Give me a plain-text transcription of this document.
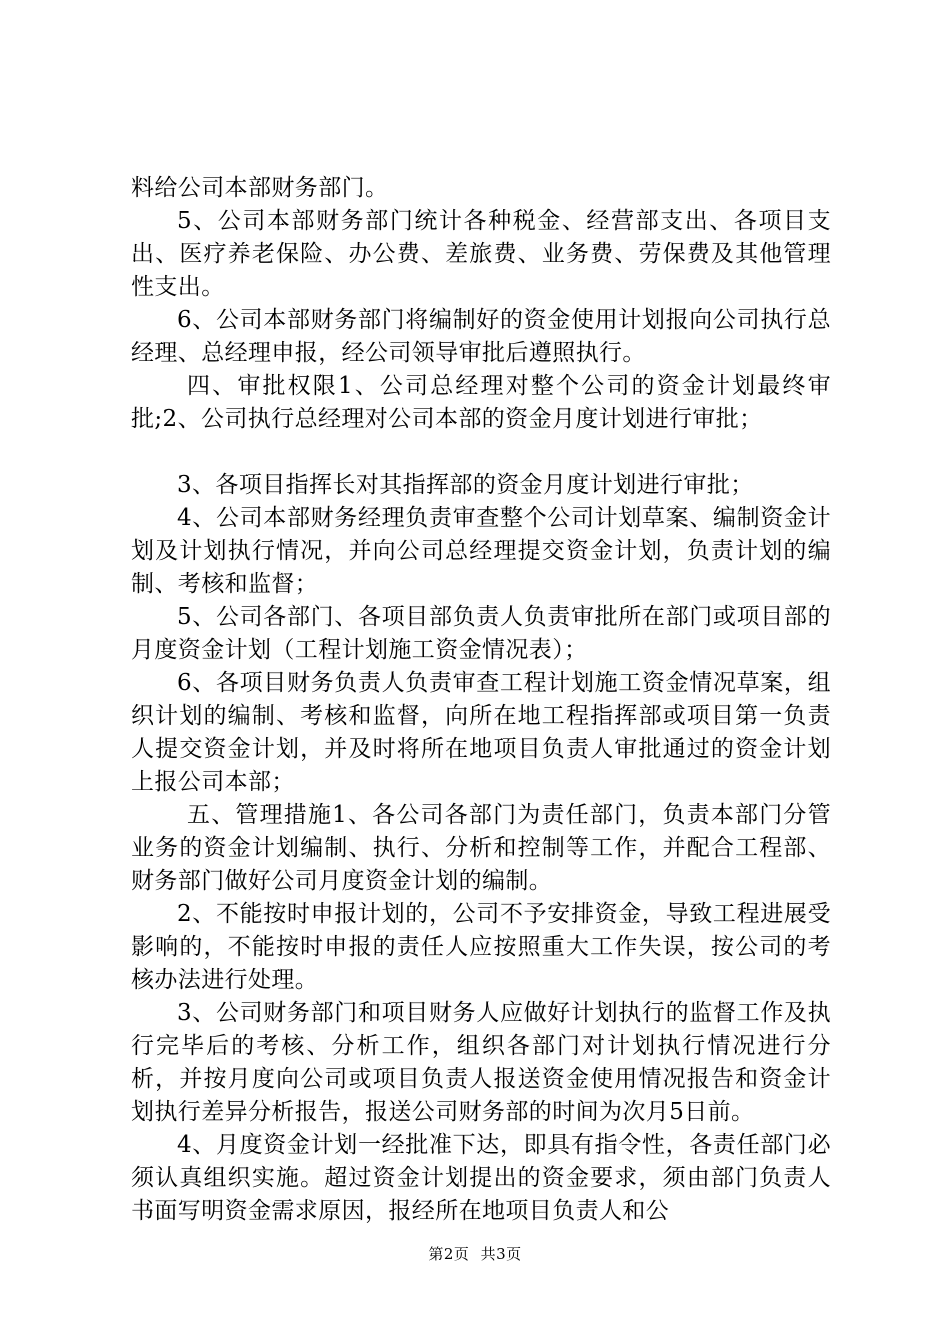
料给公司本部财务部门。

5、公司本部财务部门统计各种税金、经营部支出、各项目支出、医疗养老保险、办公费、差旅费、业务费、劳保费及其他管理性支出。

6、公司本部财务部门将编制好的资金使用计划报向公司执行总经理、总经理申报，经公司领导审批后遵照执行。

四、审批权限1、公司总经理对整个公司的资金计划最终审批;2、公司执行总经理对公司本部的资金月度计划进行审批；

3、各项目指挥长对其指挥部的资金月度计划进行审批；

4、公司本部财务经理负责审查整个公司计划草案、编制资金计划及计划执行情况，并向公司总经理提交资金计划，负责计划的编制、考核和监督；

5、公司各部门、各项目部负责人负责审批所在部门或项目部的月度资金计划（工程计划施工资金情况表）；

6、各项目财务负责人负责审查工程计划施工资金情况草案，组织计划的编制、考核和监督，向所在地工程指挥部或项目第一负责人提交资金计划，并及时将所在地项目负责人审批通过的资金计划上报公司本部；

五、管理措施1、各公司各部门为责任部门，负责本部门分管业务的资金计划编制、执行、分析和控制等工作，并配合工程部、财务部门做好公司月度资金计划的编制。

2、不能按时申报计划的，公司不予安排资金，导致工程进展受影响的，不能按时申报的责任人应按照重大工作失误，按公司的考核办法进行处理。

3、公司财务部门和项目财务人应做好计划执行的监督工作及执行完毕后的考核、分析工作，组织各部门对计划执行情况进行分析，并按月度向公司或项目负责人报送资金使用情况报告和资金计划执行差异分析报告，报送公司财务部的时间为次月5日前。

4、月度资金计划一经批准下达，即具有指令性，各责任部门必须认真组织实施。超过资金计划提出的资金要求，须由部门负责人书面写明资金需求原因，报经所在地项目负责人和公

第2页 共3页
